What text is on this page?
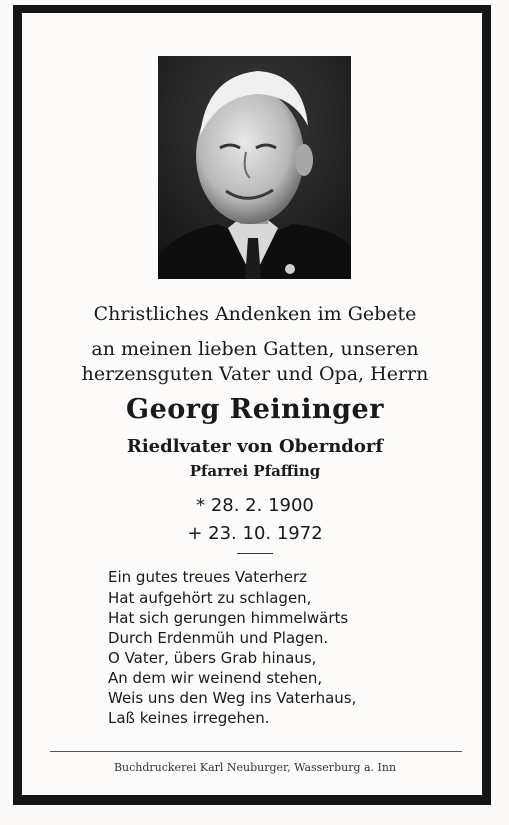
Christliches Andenken im Gebete
an meinen lieben Gatten, unseren
herzensguten Vater und Opa, Herrn
Georg Reininger
Riedlvater von Oberndorf
Pfarrei Pfaffing
* 28. 2. 1900
+ 23. 10. 1972
Ein gutes treues Vaterherz
Hat aufgehört zu schlagen,
Hat sich gerungen himmelwärts
Durch Erdenmüh und Plagen.
O Vater, übers Grab hinaus,
An dem wir weinend stehen,
Weis uns den Weg ins Vaterhaus,
Laß keines irregehen.
Buchdruckerei Karl Neuburger, Wasserburg a. Inn
